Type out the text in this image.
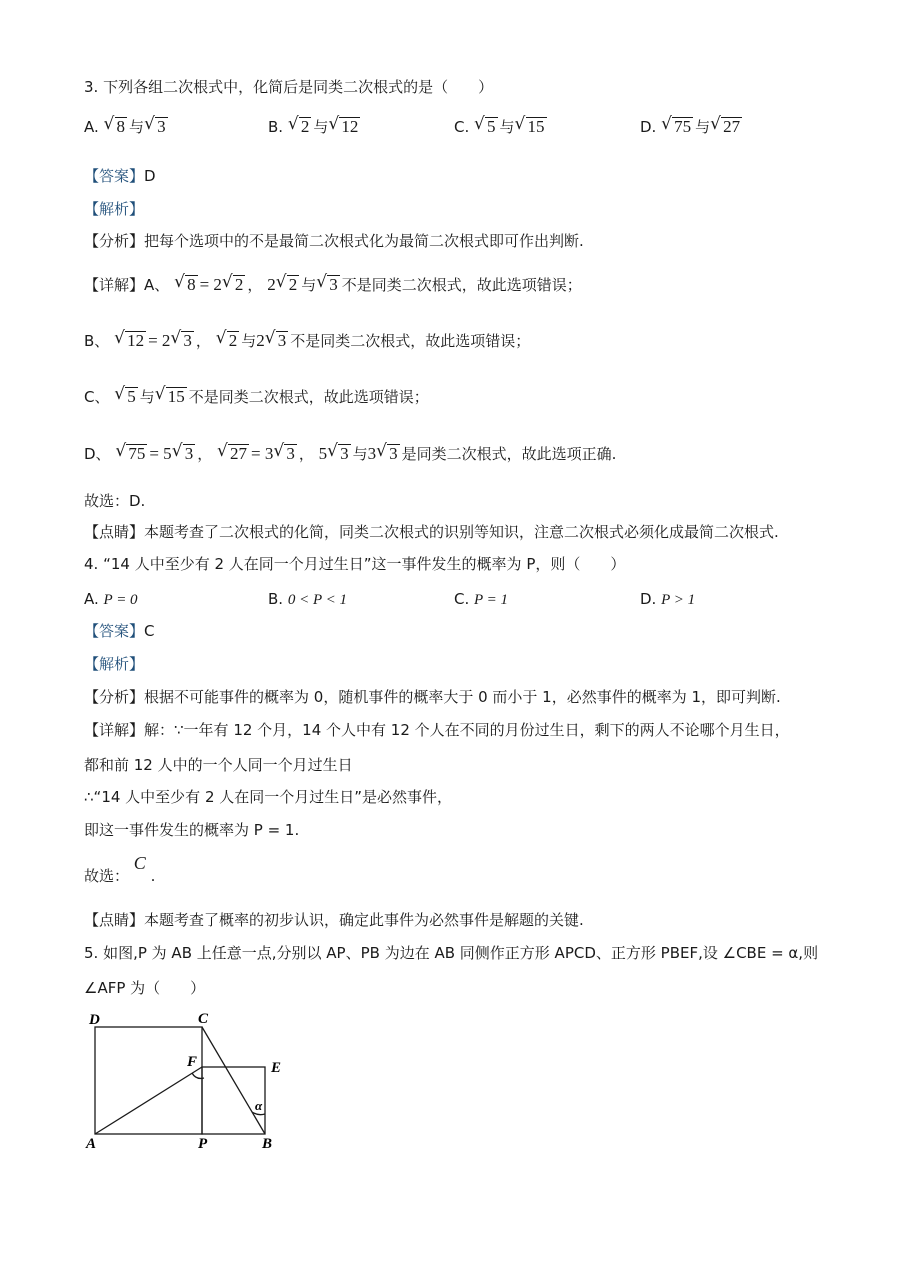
3. 下列各组二次根式中，化简后是同类二次根式的是（　　）
A. √ 8 与 √ 3	B. √ 2 与 √ 12	C. √ 5 与 √ 15	D. √ 75 与 √ 27
【答案】D
【解析】
【分析】把每个选项中的不是最简二次根式化为最简二次根式即可作出判断.
【详解】A、 √ 8 = 2 √ 2 ， 2 √ 2 与 √ 3 不是同类二次根式，故此选项错误；
B、 √ 12 = 2 √ 3 ， √ 2 与2 √ 3 不是同类二次根式，故此选项错误；
C、 √ 5 与 √ 15 不是同类二次根式，故此选项错误；
D、 √ 75 = 5 √ 3 ， √ 27 = 3 √ 3 ， 5 √ 3 与3 √ 3 是同类二次根式，故此选项正确.
故选：D.
【点睛】本题考查了二次根式的化简，同类二次根式的识别等知识，注意二次根式必须化成最简二次根式.
4. “14 人中至少有 2 人在同一个月过生日”这一事件发生的概率为 P，则（　　）
A. P = 0	B. 0 < P < 1	C. P = 1	D. P > 1
【答案】C
【解析】
【分析】根据不可能事件的概率为 0，随机事件的概率大于 0 而小于 1，必然事件的概率为 1，即可判断.
【详解】解：∵一年有 12 个月，14 个人中有 12 个人在不同的月份过生日，剩下的两人不论哪个月生日，
都和前 12 人中的一个人同一个月过生日
∴“14 人中至少有 2 人在同一个月过生日”是必然事件，
即这一事件发生的概率为 P = 1.
故选： C .
【点睛】本题考查了概率的初步认识，确定此事件为必然事件是解题的关键.
5. 如图,P 为 AB 上任意一点,分别以 AP、PB 为边在 AB 同侧作正方形 APCD、正方形 PBEF,设 ∠CBE = α,则
∠AFP 为（　　）
D	C
F	E
A	P	B
α
